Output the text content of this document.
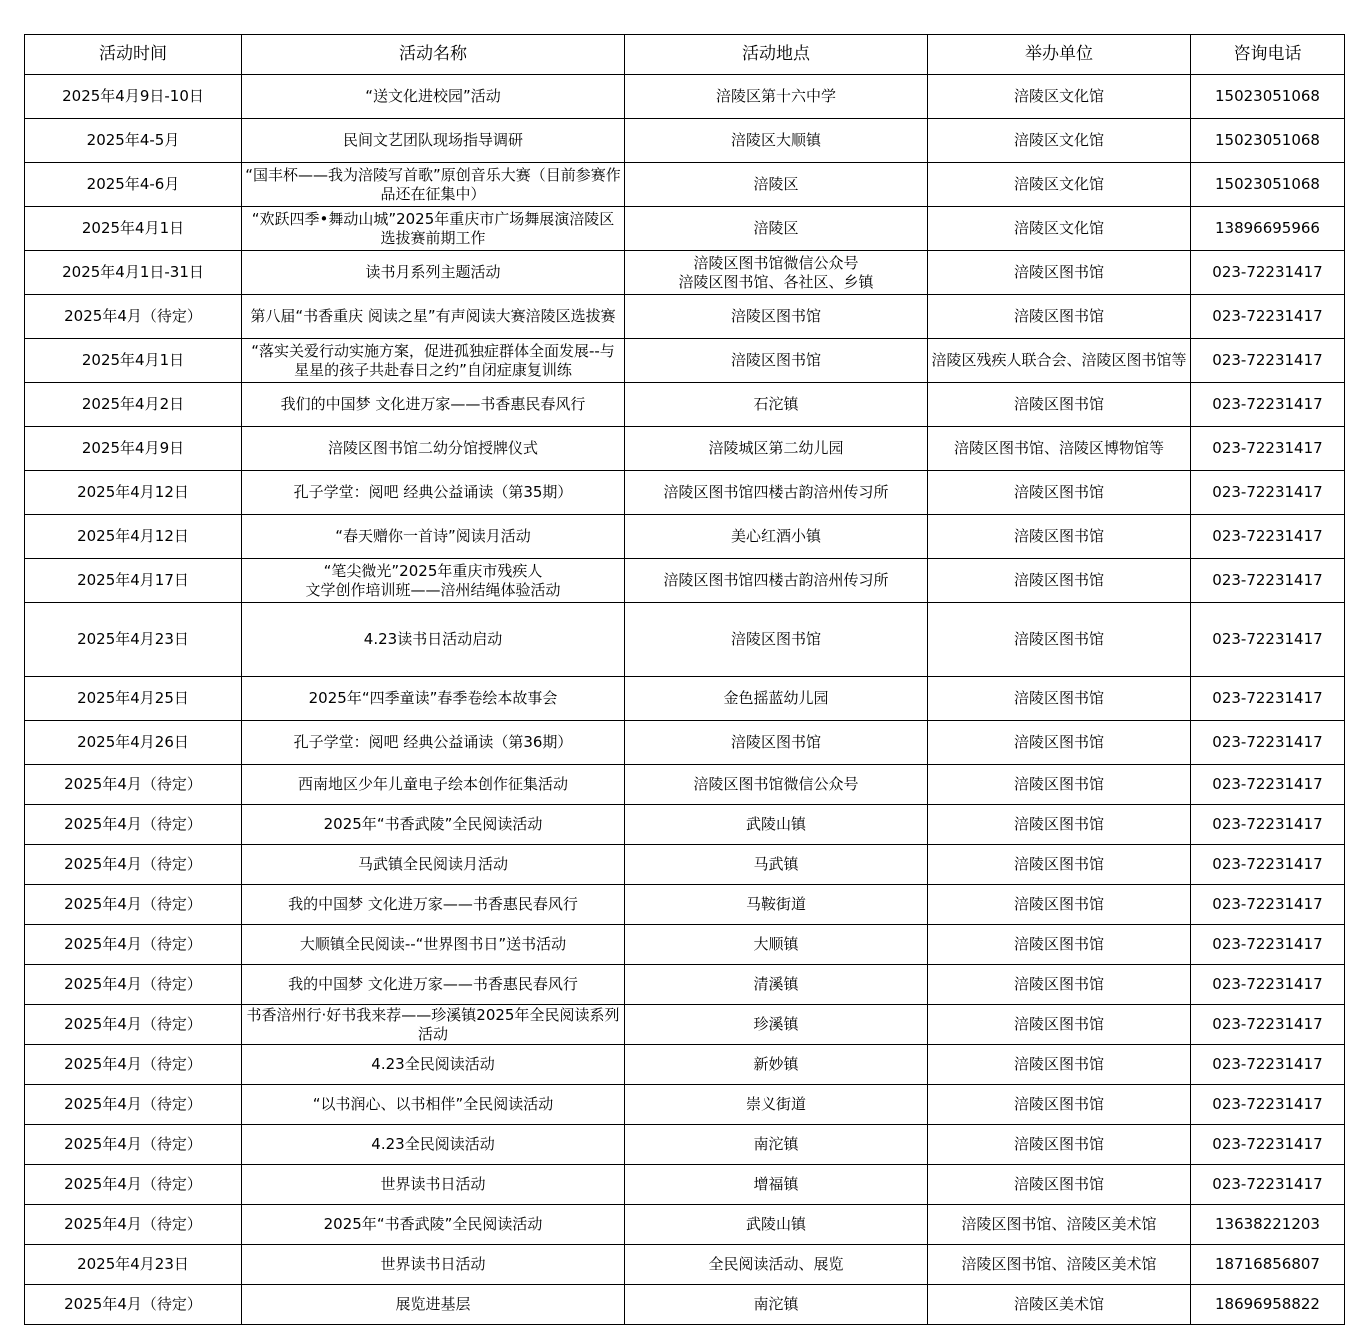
活动时间	活动名称	活动地点	举办单位	咨询电话

2025年4月9日-10日	“送文化进校园”活动	涪陵区第十六中学	涪陵区文化馆	15023051068

2025年4-5月	民间文艺团队现场指导调研	涪陵区大顺镇	涪陵区文化馆	15023051068

2025年4-6月	“国丰杯——我为涪陵写首歌”原创音乐大赛（目前参赛作品还在征集中）	涪陵区	涪陵区文化馆	15023051068

2025年4月1日	“欢跃四季•舞动山城”2025年重庆市广场舞展演涪陵区选拔赛前期工作	涪陵区	涪陵区文化馆	13896695966

2025年4月1日-31日	读书月系列主题活动	涪陵区图书馆微信公众号
涪陵区图书馆、各社区、乡镇	涪陵区图书馆	023-72231417

2025年4月（待定）	第八届“书香重庆 阅读之星”有声阅读大赛涪陵区选拔赛	涪陵区图书馆	涪陵区图书馆	023-72231417

2025年4月1日	“落实关爱行动实施方案，促进孤独症群体全面发展--与星星的孩子共赴春日之约”自闭症康复训练	涪陵区图书馆	涪陵区残疾人联合会、涪陵区图书馆等	023-72231417

2025年4月2日	我们的中国梦 文化进万家——书香惠民春风行	石沱镇	涪陵区图书馆	023-72231417

2025年4月9日	涪陵区图书馆二幼分馆授牌仪式	涪陵城区第二幼儿园	涪陵区图书馆、涪陵区博物馆等	023-72231417

2025年4月12日	孔子学堂：阅吧 经典公益诵读（第35期）	涪陵区图书馆四楼古韵涪州传习所	涪陵区图书馆	023-72231417

2025年4月12日	“春天赠你一首诗”阅读月活动	美心红酒小镇	涪陵区图书馆	023-72231417

2025年4月17日	“笔尖微光”2025年重庆市残疾人
文学创作培训班——涪州结绳体验活动	涪陵区图书馆四楼古韵涪州传习所	涪陵区图书馆	023-72231417

2025年4月23日	4.23读书日活动启动	涪陵区图书馆	涪陵区图书馆	023-72231417

2025年4月25日	2025年“四季童读”春季卷绘本故事会	金色摇蓝幼儿园	涪陵区图书馆	023-72231417

2025年4月26日	孔子学堂：阅吧 经典公益诵读（第36期）	涪陵区图书馆	涪陵区图书馆	023-72231417

2025年4月（待定）	西南地区少年儿童电子绘本创作征集活动	涪陵区图书馆微信公众号	涪陵区图书馆	023-72231417

2025年4月（待定）	2025年“书香武陵”全民阅读活动	武陵山镇	涪陵区图书馆	023-72231417

2025年4月（待定）	马武镇全民阅读月活动	马武镇	涪陵区图书馆	023-72231417

2025年4月（待定）	我的中国梦 文化进万家——书香惠民春风行	马鞍街道	涪陵区图书馆	023-72231417

2025年4月（待定）	大顺镇全民阅读--“世界图书日”送书活动	大顺镇	涪陵区图书馆	023-72231417

2025年4月（待定）	我的中国梦 文化进万家——书香惠民春风行	清溪镇	涪陵区图书馆	023-72231417

2025年4月（待定）	书香涪州行·好书我来荐——珍溪镇2025年全民阅读系列活动	珍溪镇	涪陵区图书馆	023-72231417

2025年4月（待定）	4.23全民阅读活动	新妙镇	涪陵区图书馆	023-72231417

2025年4月（待定）	“以书润心、以书相伴”全民阅读活动	崇义街道	涪陵区图书馆	023-72231417

2025年4月（待定）	4.23全民阅读活动	南沱镇	涪陵区图书馆	023-72231417

2025年4月（待定）	世界读书日活动	增福镇	涪陵区图书馆	023-72231417

2025年4月（待定）	2025年“书香武陵”全民阅读活动	武陵山镇	涪陵区图书馆、涪陵区美术馆	13638221203

2025年4月23日	世界读书日活动	全民阅读活动、展览	涪陵区图书馆、涪陵区美术馆	18716856807

2025年4月（待定）	展览进基层	南沱镇	涪陵区美术馆	18696958822
